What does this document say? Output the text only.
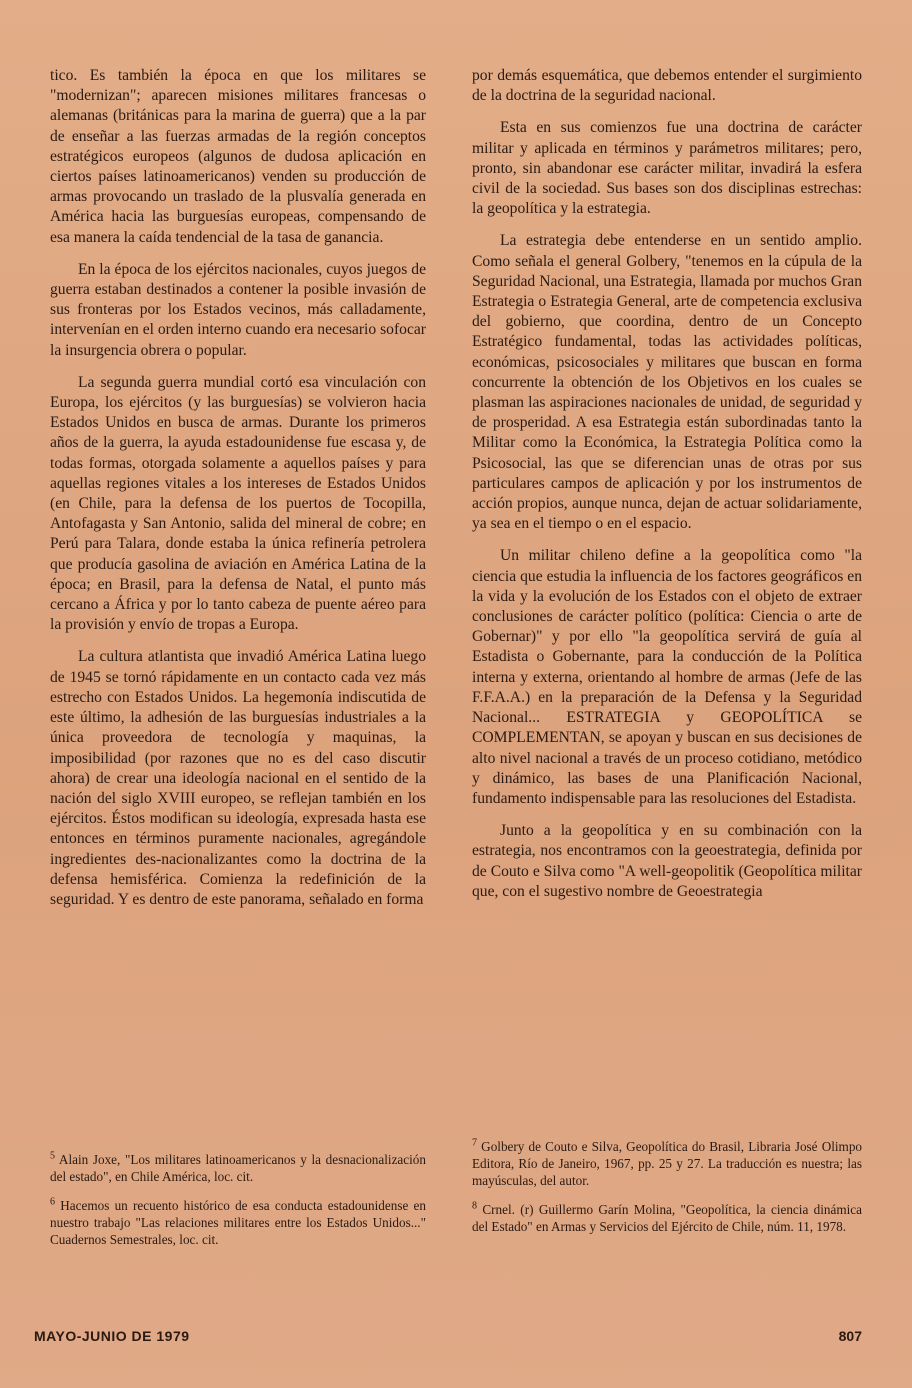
tico. Es también la época en que los militares se "modernizan"; aparecen misiones militares francesas o alemanas (británicas para la marina de guerra) que a la par de enseñar a las fuerzas armadas de la región conceptos estratégicos europeos (algunos de dudosa aplicación en ciertos países latinoamericanos) venden su producción de armas provocando un traslado de la plusvalía generada en América hacia las burguesías europeas, compensando de esa manera la caída tendencial de la tasa de ganancia.

En la época de los ejércitos nacionales, cuyos juegos de guerra estaban destinados a contener la posible invasión de sus fronteras por los Estados vecinos, más calladamente, intervenían en el orden interno cuando era necesario sofocar la insurgencia obrera o popular.

La segunda guerra mundial cortó esa vinculación con Europa, los ejércitos (y las burguesías) se volvieron hacia Estados Unidos en busca de armas. Durante los primeros años de la guerra, la ayuda estadounidense fue escasa y, de todas formas, otorgada solamente a aquellos países y para aquellas regiones vitales a los intereses de Estados Unidos (en Chile, para la defensa de los puertos de Tocopilla, Antofagasta y San Antonio, salida del mineral de cobre; en Perú para Talara, donde estaba la única refinería petrolera que producía gasolina de aviación en América Latina de la época; en Brasil, para la defensa de Natal, el punto más cercano a África y por lo tanto cabeza de puente aéreo para la provisión y envío de tropas a Europa.

La cultura atlantista que invadió América Latina luego de 1945 se tornó rápidamente en un contacto cada vez más estrecho con Estados Unidos. La hegemonía indiscutida de este último, la adhesión de las burguesías industriales a la única proveedora de tecnología y maquinas, la imposibilidad (por razones que no es del caso discutir ahora) de crear una ideología nacional en el sentido de la nación del siglo XVIII europeo, se reflejan también en los ejércitos. Éstos modifican su ideología, expresada hasta ese entonces en términos puramente nacionales, agregándole ingredientes des-nacionalizantes como la doctrina de la defensa hemisférica. Comienza la redefinición de la seguridad. Y es dentro de este panorama, señalado en forma

$^5$ Alain Joxe, "Los militares latinoamericanos y la desnacionalización del estado", en Chile América, loc. cit.

$^6$ Hacemos un recuento histórico de esa conducta estadounidense en nuestro trabajo "Las relaciones militares entre los Estados Unidos..." Cuadernos Semestrales, loc. cit.

por demás esquemática, que debemos entender el surgimiento de la doctrina de la seguridad nacional.

Esta en sus comienzos fue una doctrina de carácter militar y aplicada en términos y parámetros militares; pero, pronto, sin abandonar ese carácter militar, invadirá la esfera civil de la sociedad. Sus bases son dos disciplinas estrechas: la geopolítica y la estrategia.

La estrategia debe entenderse en un sentido amplio. Como señala el general Golbery, "tenemos en la cúpula de la Seguridad Nacional, una Estrategia, llamada por muchos Gran Estrategia o Estrategia General, arte de competencia exclusiva del gobierno, que coordina, dentro de un Concepto Estratégico fundamental, todas las actividades políticas, económicas, psicosociales y militares que buscan en forma concurrente la obtención de los Objetivos en los cuales se plasman las aspiraciones nacionales de unidad, de seguridad y de prosperidad. A esa Estrategia están subordinadas tanto la Militar como la Económica, la Estrategia Política como la Psicosocial, las que se diferencian unas de otras por sus particulares campos de aplicación y por los instrumentos de acción propios, aunque nunca, dejan de actuar solidariamente, ya sea en el tiempo o en el espacio.

Un militar chileno define a la geopolítica como "la ciencia que estudia la influencia de los factores geográficos en la vida y la evolución de los Estados con el objeto de extraer conclusiones de carácter político (política: Ciencia o arte de Gobernar)" y por ello "la geopolítica servirá de guía al Estadista o Gobernante, para la conducción de la Política interna y externa, orientando al hombre de armas (Jefe de las F.F.A.A.) en la preparación de la Defensa y la Seguridad Nacional... ESTRATEGIA y GEOPOLÍTICA se COMPLEMENTAN, se apoyan y buscan en sus decisiones de alto nivel nacional a través de un proceso cotidiano, metódico y dinámico, las bases de una Planificación Nacional, fundamento indispensable para las resoluciones del Estadista.

Junto a la geopolítica y en su combinación con la estrategia, nos encontramos con la geoestrategia, definida por de Couto e Silva como "A well-geopolitik (Geopolítica militar que, con el sugestivo nombre de Geoestrategia

$^7$ Golbery de Couto e Silva, Geopolítica do Brasil, Libraria José Olimpo Editora, Río de Janeiro, 1967, pp. 25 y 27. La traducción es nuestra; las mayúsculas, del autor.

$^8$ Crnel. (r) Guillermo Garín Molina, "Geopolítica, la ciencia dinámica del Estado" en Armas y Servicios del Ejército de Chile, núm. 11, 1978.

MAYO-JUNIO DE 1979	807
